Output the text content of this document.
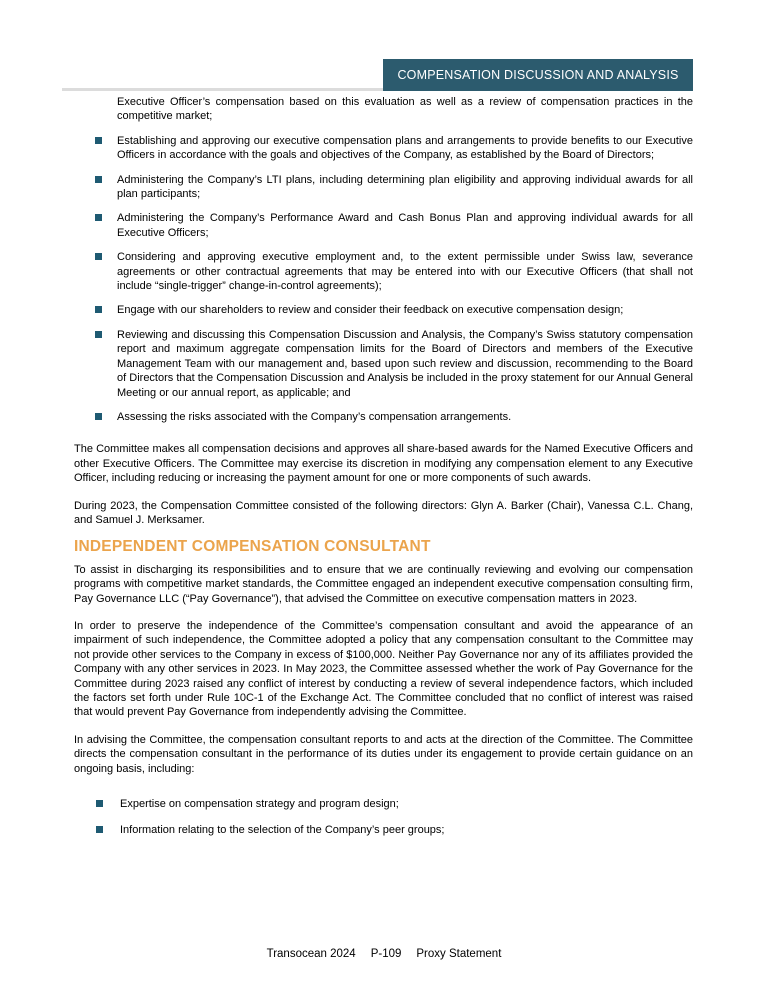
COMPENSATION DISCUSSION AND ANALYSIS
Executive Officer’s compensation based on this evaluation as well as a review of compensation practices in the competitive market;
Establishing and approving our executive compensation plans and arrangements to provide benefits to our Executive Officers in accordance with the goals and objectives of the Company, as established by the Board of Directors;
Administering the Company’s LTI plans, including determining plan eligibility and approving individual awards for all plan participants;
Administering the Company’s Performance Award and Cash Bonus Plan and approving individual awards for all Executive Officers;
Considering and approving executive employment and, to the extent permissible under Swiss law, severance agreements or other contractual agreements that may be entered into with our Executive Officers (that shall not include “single-trigger” change-in-control agreements);
Engage with our shareholders to review and consider their feedback on executive compensation design;
Reviewing and discussing this Compensation Discussion and Analysis, the Company’s Swiss statutory compensation report and maximum aggregate compensation limits for the Board of Directors and members of the Executive Management Team with our management and, based upon such review and discussion, recommending to the Board of Directors that the Compensation Discussion and Analysis be included in the proxy statement for our Annual General Meeting or our annual report, as applicable; and
Assessing the risks associated with the Company’s compensation arrangements.

The Committee makes all compensation decisions and approves all share-based awards for the Named Executive Officers and other Executive Officers. The Committee may exercise its discretion in modifying any compensation element to any Executive Officer, including reducing or increasing the payment amount for one or more components of such awards.

During 2023, the Compensation Committee consisted of the following directors: Glyn A. Barker (Chair), Vanessa C.L. Chang, and Samuel J. Merksamer.

INDEPENDENT COMPENSATION CONSULTANT

To assist in discharging its responsibilities and to ensure that we are continually reviewing and evolving our compensation programs with competitive market standards, the Committee engaged an independent executive compensation consulting firm, Pay Governance LLC (“Pay Governance”), that advised the Committee on executive compensation matters in 2023.

In order to preserve the independence of the Committee’s compensation consultant and avoid the appearance of an impairment of such independence, the Committee adopted a policy that any compensation consultant to the Committee may not provide other services to the Company in excess of $100,000. Neither Pay Governance nor any of its affiliates provided the Company with any other services in 2023. In May 2023, the Committee assessed whether the work of Pay Governance for the Committee during 2023 raised any conflict of interest by conducting a review of several independence factors, which included the factors set forth under Rule 10C-1 of the Exchange Act. The Committee concluded that no conflict of interest was raised that would prevent Pay Governance from independently advising the Committee.

In advising the Committee, the compensation consultant reports to and acts at the direction of the Committee. The Committee directs the compensation consultant in the performance of its duties under its engagement to provide certain guidance on an ongoing basis, including:

Expertise on compensation strategy and program design;
Information relating to the selection of the Company’s peer groups;
Transocean 2024 P-109 Proxy Statement
